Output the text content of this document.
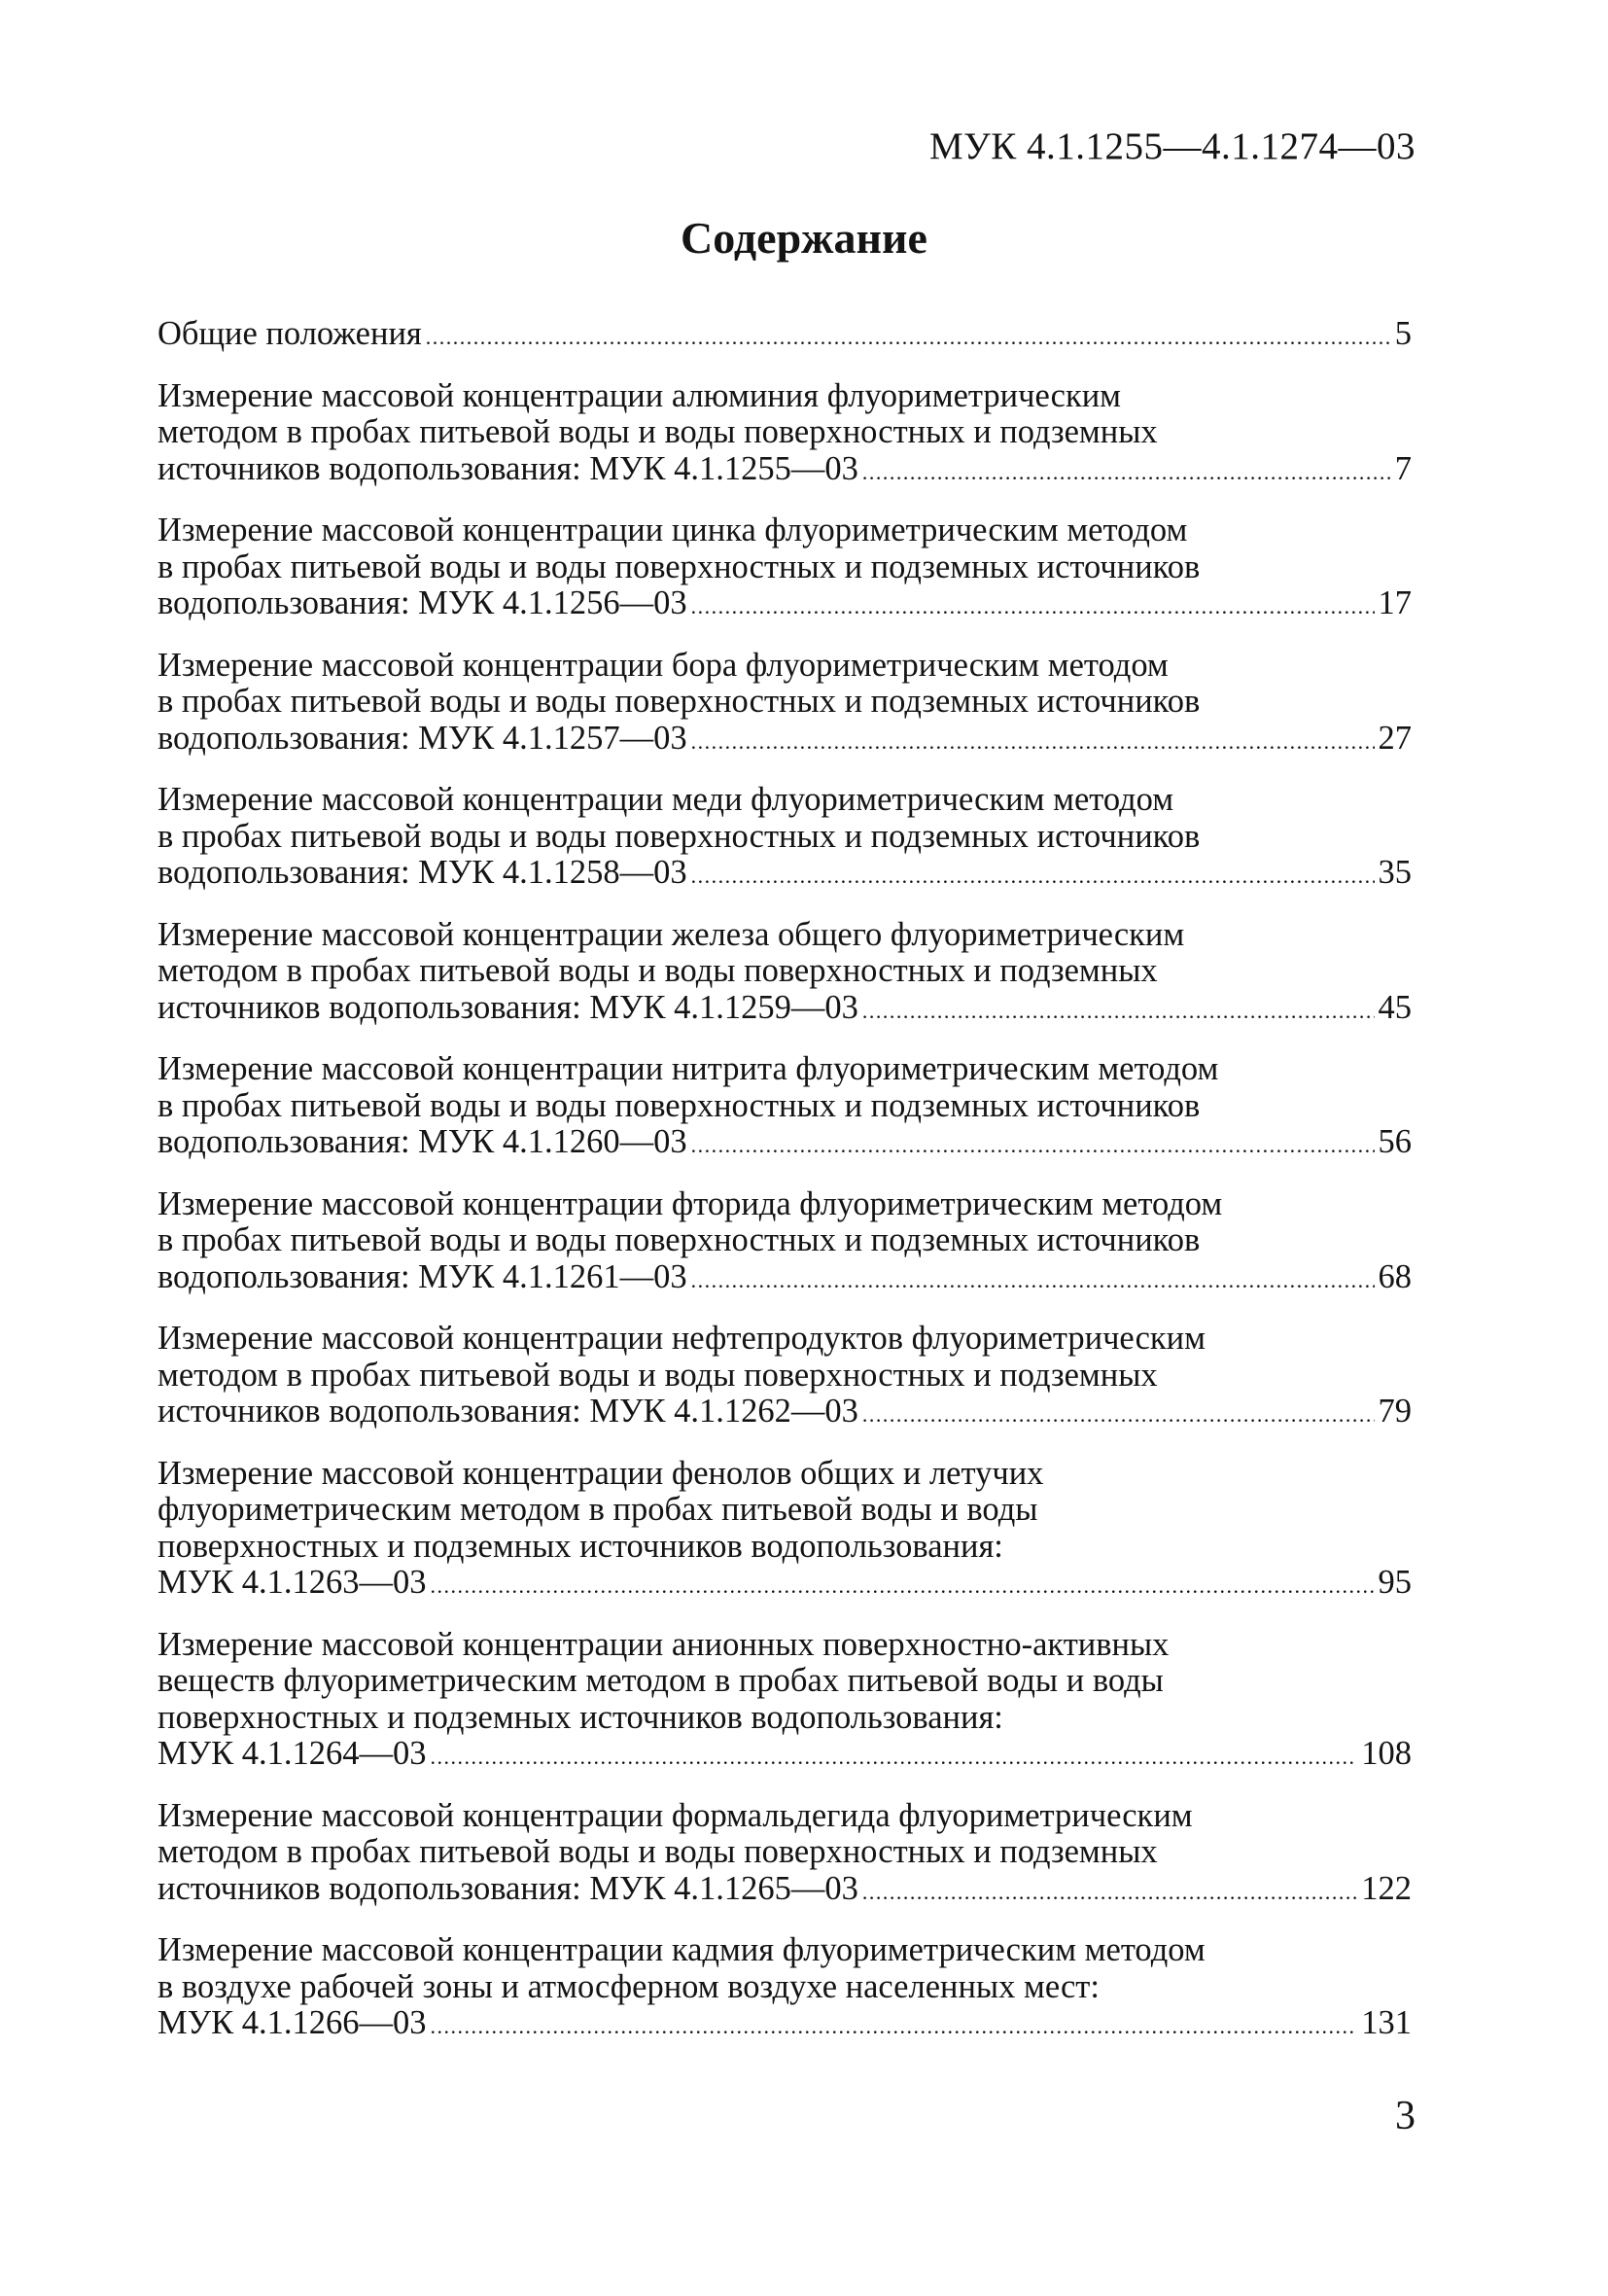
МУК 4.1.1255—4.1.1274—03
Содержание
Общие положения .....	5
Измерение массовой концентрации алюминия флуориметрическим
методом в пробах питьевой воды и воды поверхностных и подземных
источников водопользования: МУК 4.1.1255—03 .....	7
Измерение массовой концентрации цинка флуориметрическим методом
в пробах питьевой воды и воды поверхностных и подземных источников
водопользования: МУК 4.1.1256—03 .....	17
Измерение массовой концентрации бора флуориметрическим методом
в пробах питьевой воды и воды поверхностных и подземных источников
водопользования: МУК 4.1.1257—03 .....	27
Измерение массовой концентрации меди флуориметрическим методом
в пробах питьевой воды и воды поверхностных и подземных источников
водопользования: МУК 4.1.1258—03 .....	35
Измерение массовой концентрации железа общего флуориметрическим
методом в пробах питьевой воды и воды поверхностных и подземных
источников водопользования: МУК 4.1.1259—03 .....	45
Измерение массовой концентрации нитрита флуориметрическим методом
в пробах питьевой воды и воды поверхностных и подземных источников
водопользования: МУК 4.1.1260—03 .....	56
Измерение массовой концентрации фторида флуориметрическим методом
в пробах питьевой воды и воды поверхностных и подземных источников
водопользования: МУК 4.1.1261—03 .....	68
Измерение массовой концентрации нефтепродуктов флуориметрическим
методом в пробах питьевой воды и воды поверхностных и подземных
источников водопользования: МУК 4.1.1262—03 .....	79
Измерение массовой концентрации фенолов общих и летучих
флуориметрическим методом в пробах питьевой воды и воды
поверхностных и подземных источников водопользования:
МУК 4.1.1263—03 .....	95
Измерение массовой концентрации анионных поверхностно-активных
веществ флуориметрическим методом в пробах питьевой воды и воды
поверхностных и подземных источников водопользования:
МУК 4.1.1264—03 .....	108
Измерение массовой концентрации формальдегида флуориметрическим
методом в пробах питьевой воды и воды поверхностных и подземных
источников водопользования: МУК 4.1.1265—03 .....	122
Измерение массовой концентрации кадмия флуориметрическим методом
в воздухе рабочей зоны и атмосферном воздухе населенных мест:
МУК 4.1.1266—03 .....	131
3
